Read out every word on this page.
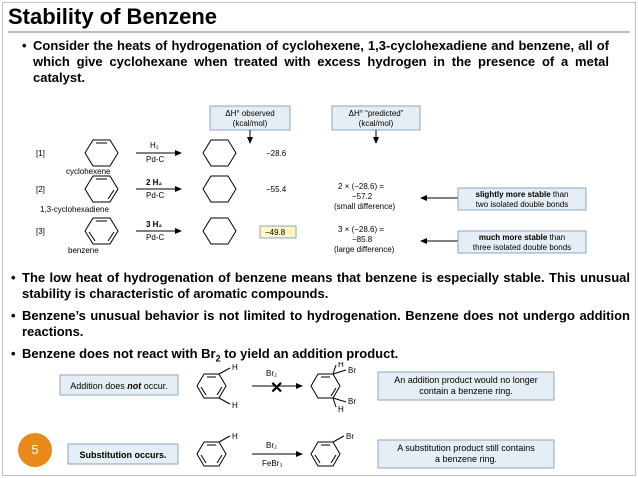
Stability of Benzene
• Consider the heats of hydrogenation of cyclohexene, 1,3-cyclohexadiene and benzene, all of which give cyclohexane when treated with excess hydrogen in the presence of a metal catalyst.
ΔH° observed
(kcal/mol)
ΔH° “predicted”
(kcal/mol)
[1]
cyclohexene
H₂
Pd-C
−28.6
[2]
1,3-cyclohexadiene
2 H₂
Pd-C
−55.4	2 × (−28.6) =
−57.2
(small difference)
slightly more stable than
two isolated double bonds
[3]
benzene
3 H₂
Pd-C
−49.8	3 × (−28.6) =
−85.8
(large difference)
much more stable than
three isolated double bonds
• The low heat of hydrogenation of benzene means that benzene is especially stable. This unusual stability is characteristic of aromatic compounds.
• Benzene’s unusual behavior is not limited to hydrogenation. Benzene does not undergo addition reactions.
• Benzene does not react with $Br_2$ to yield an addition product.
Addition does not occur.
H
H
Br₂
✕
H
Br
Br
H
An addition product would no longer
contain a benzene ring.
Substitution occurs.
H
Br₂
FeBr₃
Br
A substitution product still contains
a benzene ring.
5
